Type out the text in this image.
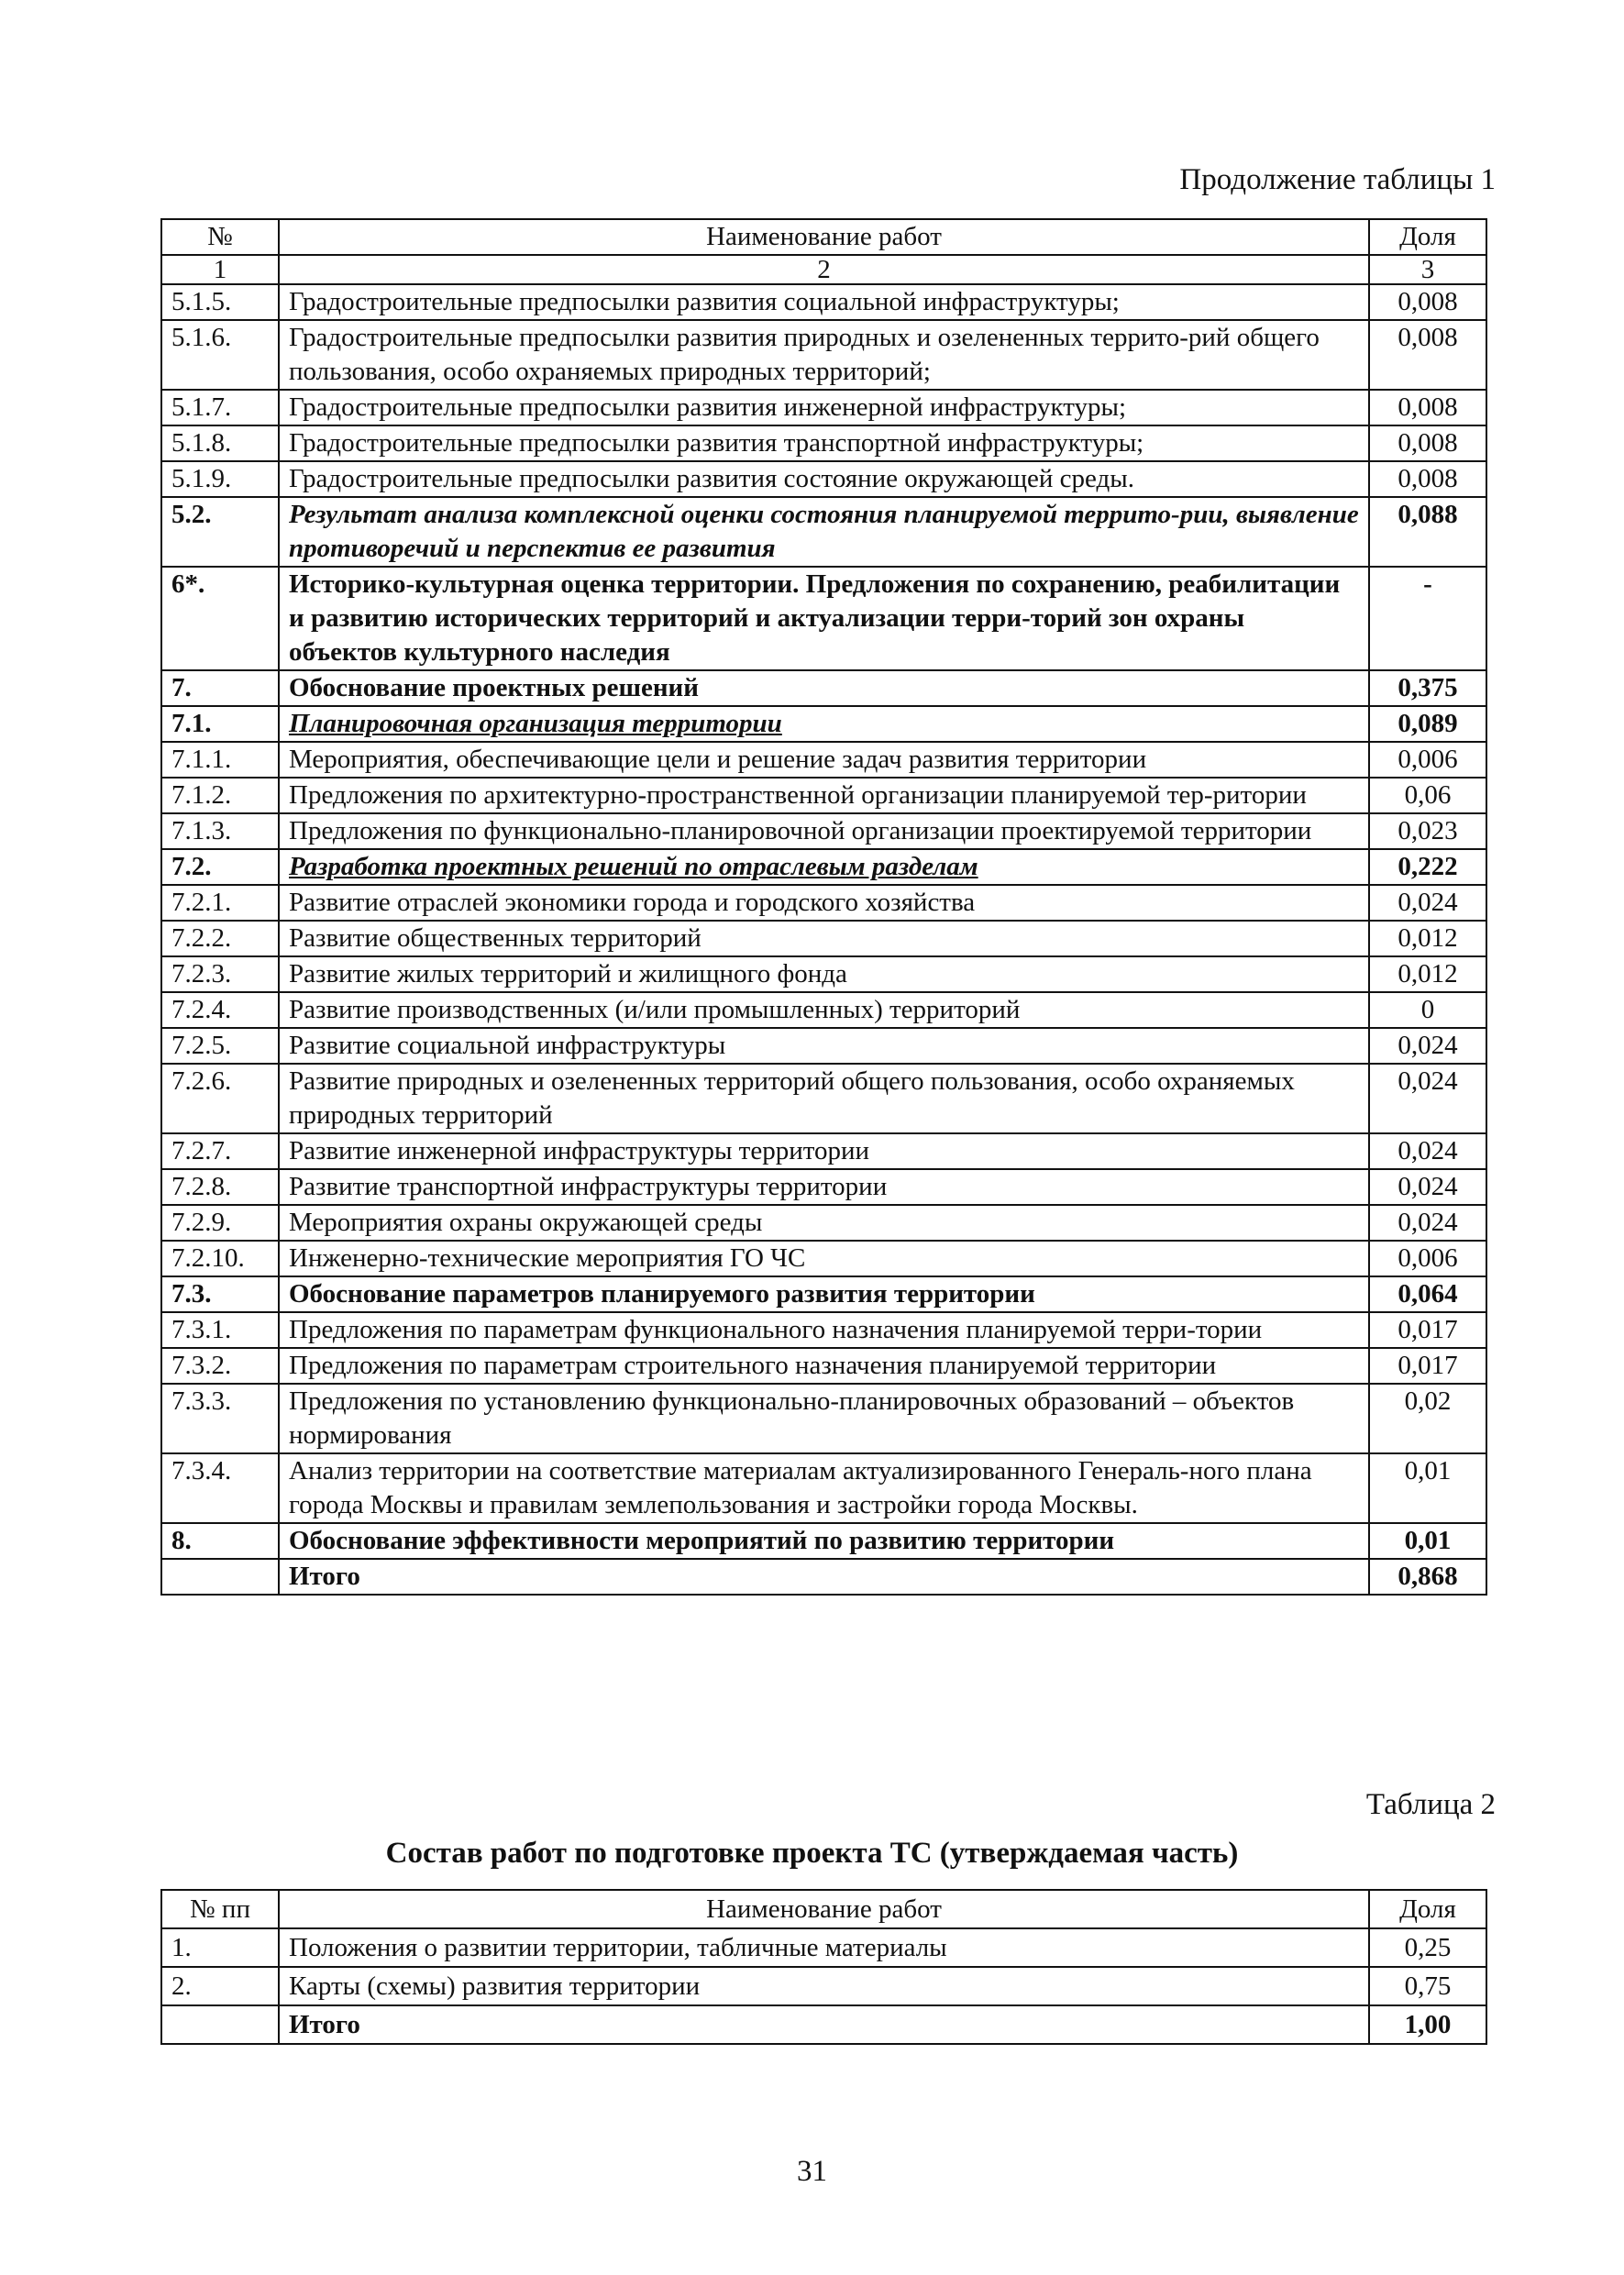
Продолжение таблицы 1
№	Наименование работ	Доля
1	2	3
5.1.5.	Градостроительные предпосылки развития социальной инфраструктуры;	0,008
5.1.6.	Градостроительные предпосылки развития природных и озелененных террито-рий общего пользования, особо охраняемых природных территорий;	0,008
5.1.7.	Градостроительные предпосылки развития инженерной инфраструктуры;	0,008
5.1.8.	Градостроительные предпосылки развития транспортной инфраструктуры;	0,008
5.1.9.	Градостроительные предпосылки развития состояние окружающей среды.	0,008
5.2.	Результат анализа комплексной оценки состояния планируемой террито-рии, выявление противоречий и перспектив ее развития	0,088
6*.	Историко-культурная оценка территории. Предложения по сохранению, реабилитации и развитию исторических территорий и актуализации терри-торий зон охраны объектов культурного наследия	-
7.	Обоснование проектных решений	0,375
7.1.	Планировочная организация территории	0,089
7.1.1.	Мероприятия, обеспечивающие цели и решение задач развития территории	0,006
7.1.2.	Предложения по архитектурно-пространственной организации планируемой тер-ритории	0,06
7.1.3.	Предложения по функционально-планировочной организации проектируемой территории	0,023
7.2.	Разработка проектных решений по отраслевым разделам	0,222
7.2.1.	Развитие отраслей экономики города и городского хозяйства	0,024
7.2.2.	Развитие общественных территорий	0,012
7.2.3.	Развитие жилых территорий и жилищного фонда	0,012
7.2.4.	Развитие производственных (и/или промышленных) территорий	0
7.2.5.	Развитие социальной инфраструктуры	0,024
7.2.6.	Развитие природных и озелененных территорий общего пользования, особо охраняемых природных территорий	0,024
7.2.7.	Развитие инженерной инфраструктуры территории	0,024
7.2.8.	Развитие транспортной инфраструктуры территории	0,024
7.2.9.	Мероприятия охраны окружающей среды	0,024
7.2.10.	Инженерно-технические мероприятия ГО ЧС	0,006
7.3.	Обоснование параметров планируемого развития территории	0,064
7.3.1.	Предложения по параметрам функционального назначения планируемой терри-тории	0,017
7.3.2.	Предложения по параметрам строительного назначения планируемой территории	0,017
7.3.3.	Предложения по установлению функционально-планировочных образований – объектов нормирования	0,02
7.3.4.	Анализ территории на соответствие материалам актуализированного Генераль-ного плана города Москвы и правилам землепользования и застройки города Москвы.	0,01
8.	Обоснование эффективности мероприятий по развитию территории	0,01
	Итого	0,868
Таблица 2
Состав работ по подготовке проекта ТС (утверждаемая часть)
№ пп	Наименование работ	Доля
1.	Положения о развитии территории, табличные материалы	0,25
2.	Карты (схемы) развития территории	0,75
	Итого	1,00
31
